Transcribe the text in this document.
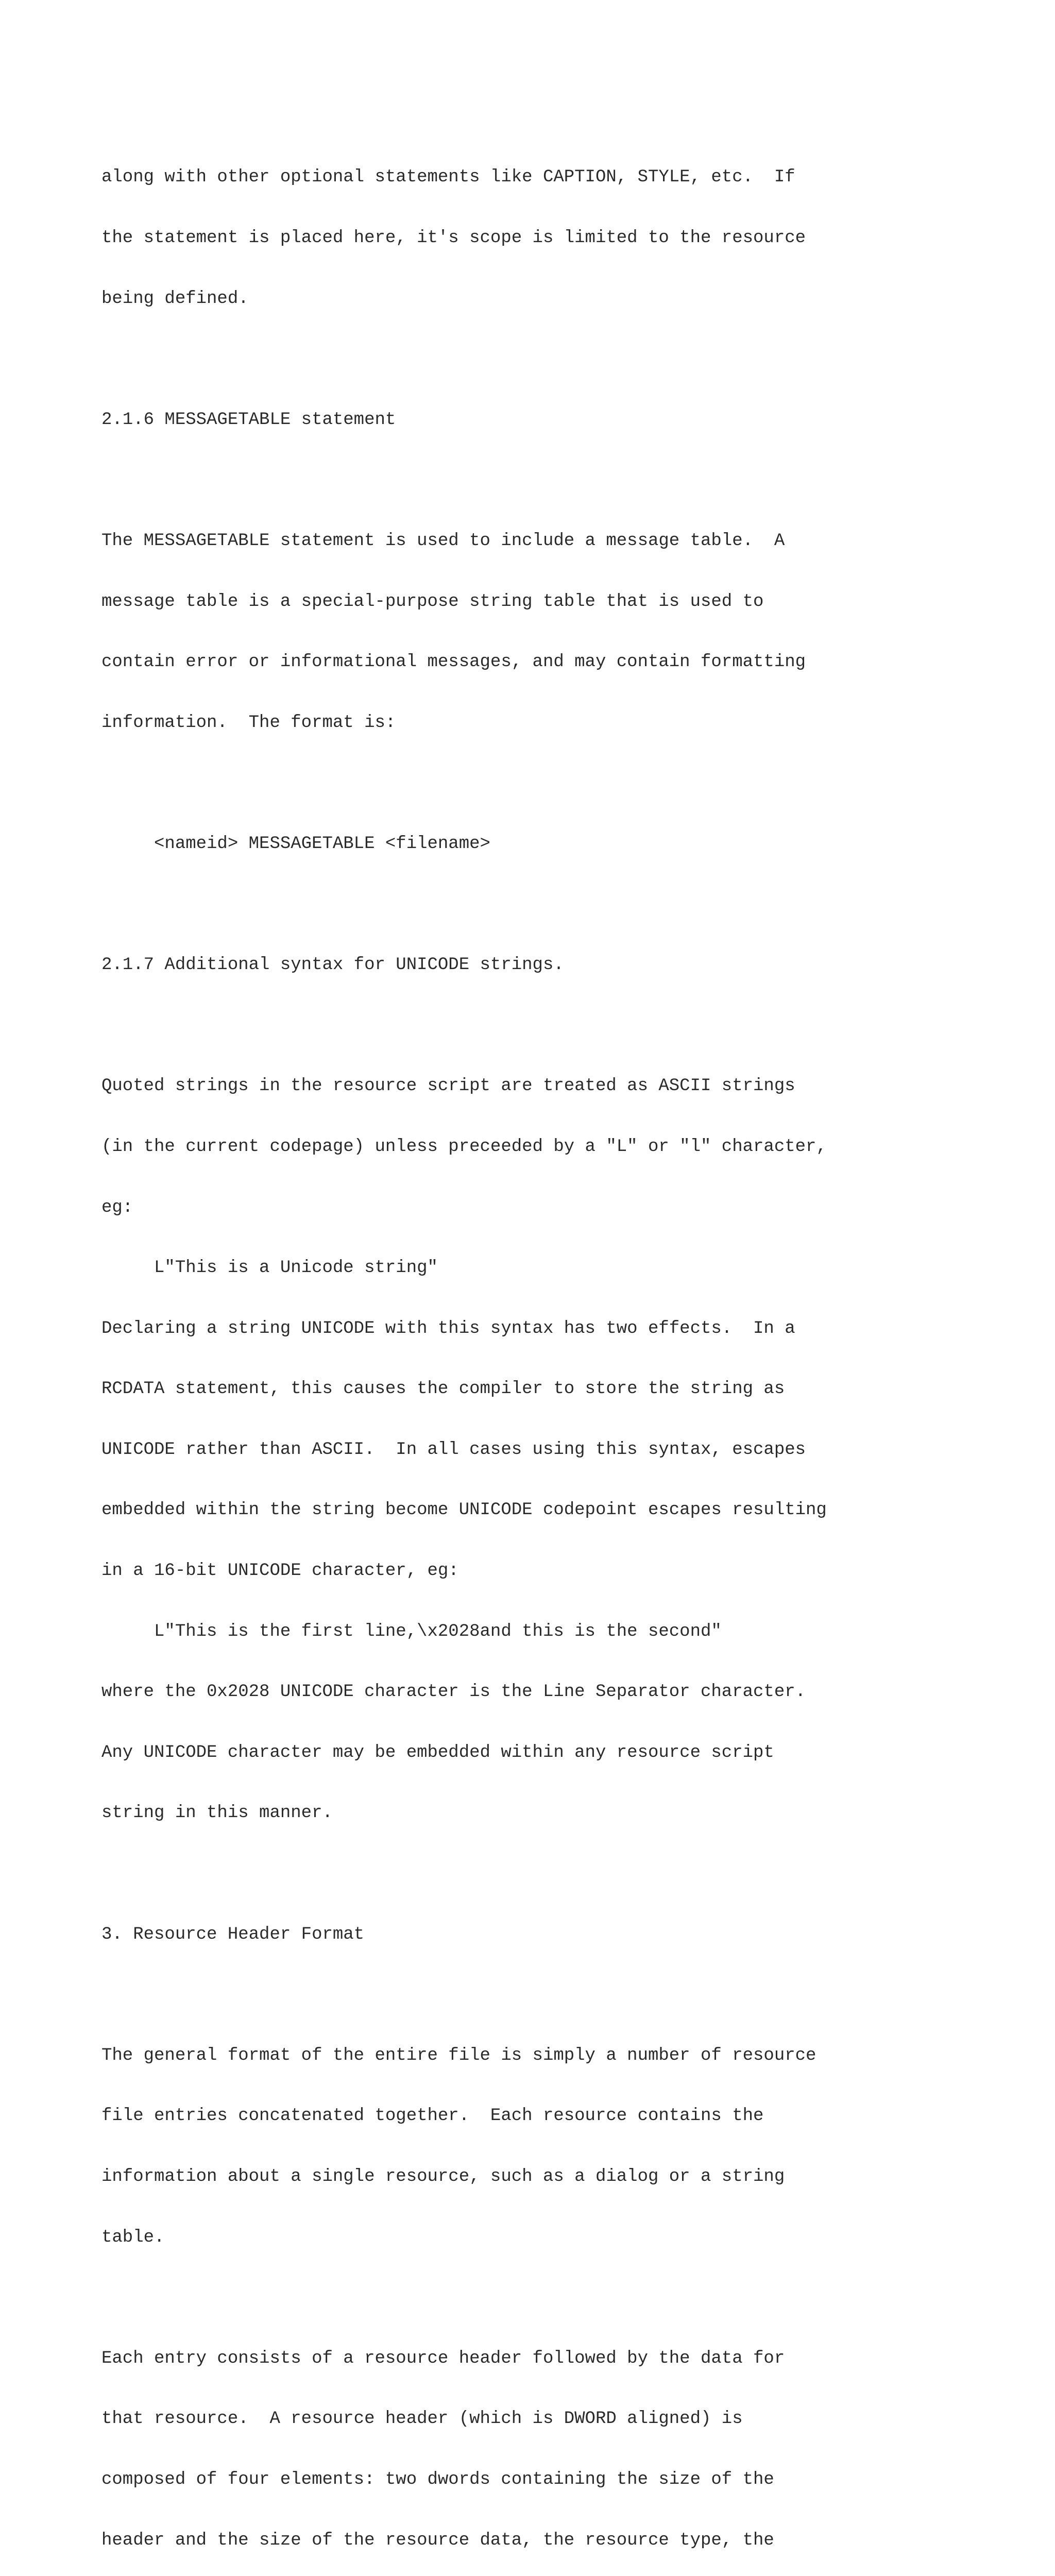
along with other optional statements like CAPTION, STYLE, etc.  If

the statement is placed here, it's scope is limited to the resource

being defined.

2.1.6 MESSAGETABLE statement

The MESSAGETABLE statement is used to include a message table.  A

message table is a special-purpose string table that is used to

contain error or informational messages, and may contain formatting

information.  The format is:

<nameid> MESSAGETABLE <filename>

2.1.7 Additional syntax for UNICODE strings.

Quoted strings in the resource script are treated as ASCII strings

(in the current codepage) unless preceeded by a "L" or "l" character,

eg:

L"This is a Unicode string"

Declaring a string UNICODE with this syntax has two effects.  In a

RCDATA statement, this causes the compiler to store the string as

UNICODE rather than ASCII.  In all cases using this syntax, escapes

embedded within the string become UNICODE codepoint escapes resulting

in a 16-bit UNICODE character, eg:

L"This is the first line,\x2028and this is the second"

where the 0x2028 UNICODE character is the Line Separator character.

Any UNICODE character may be embedded within any resource script

string in this manner.

3. Resource Header Format

The general format of the entire file is simply a number of resource

file entries concatenated together.  Each resource contains the

information about a single resource, such as a dialog or a string

table.

Each entry consists of a resource header followed by the data for

that resource.  A resource header (which is DWORD aligned) is

composed of four elements: two dwords containing the size of the

header and the size of the resource data, the resource type, the
